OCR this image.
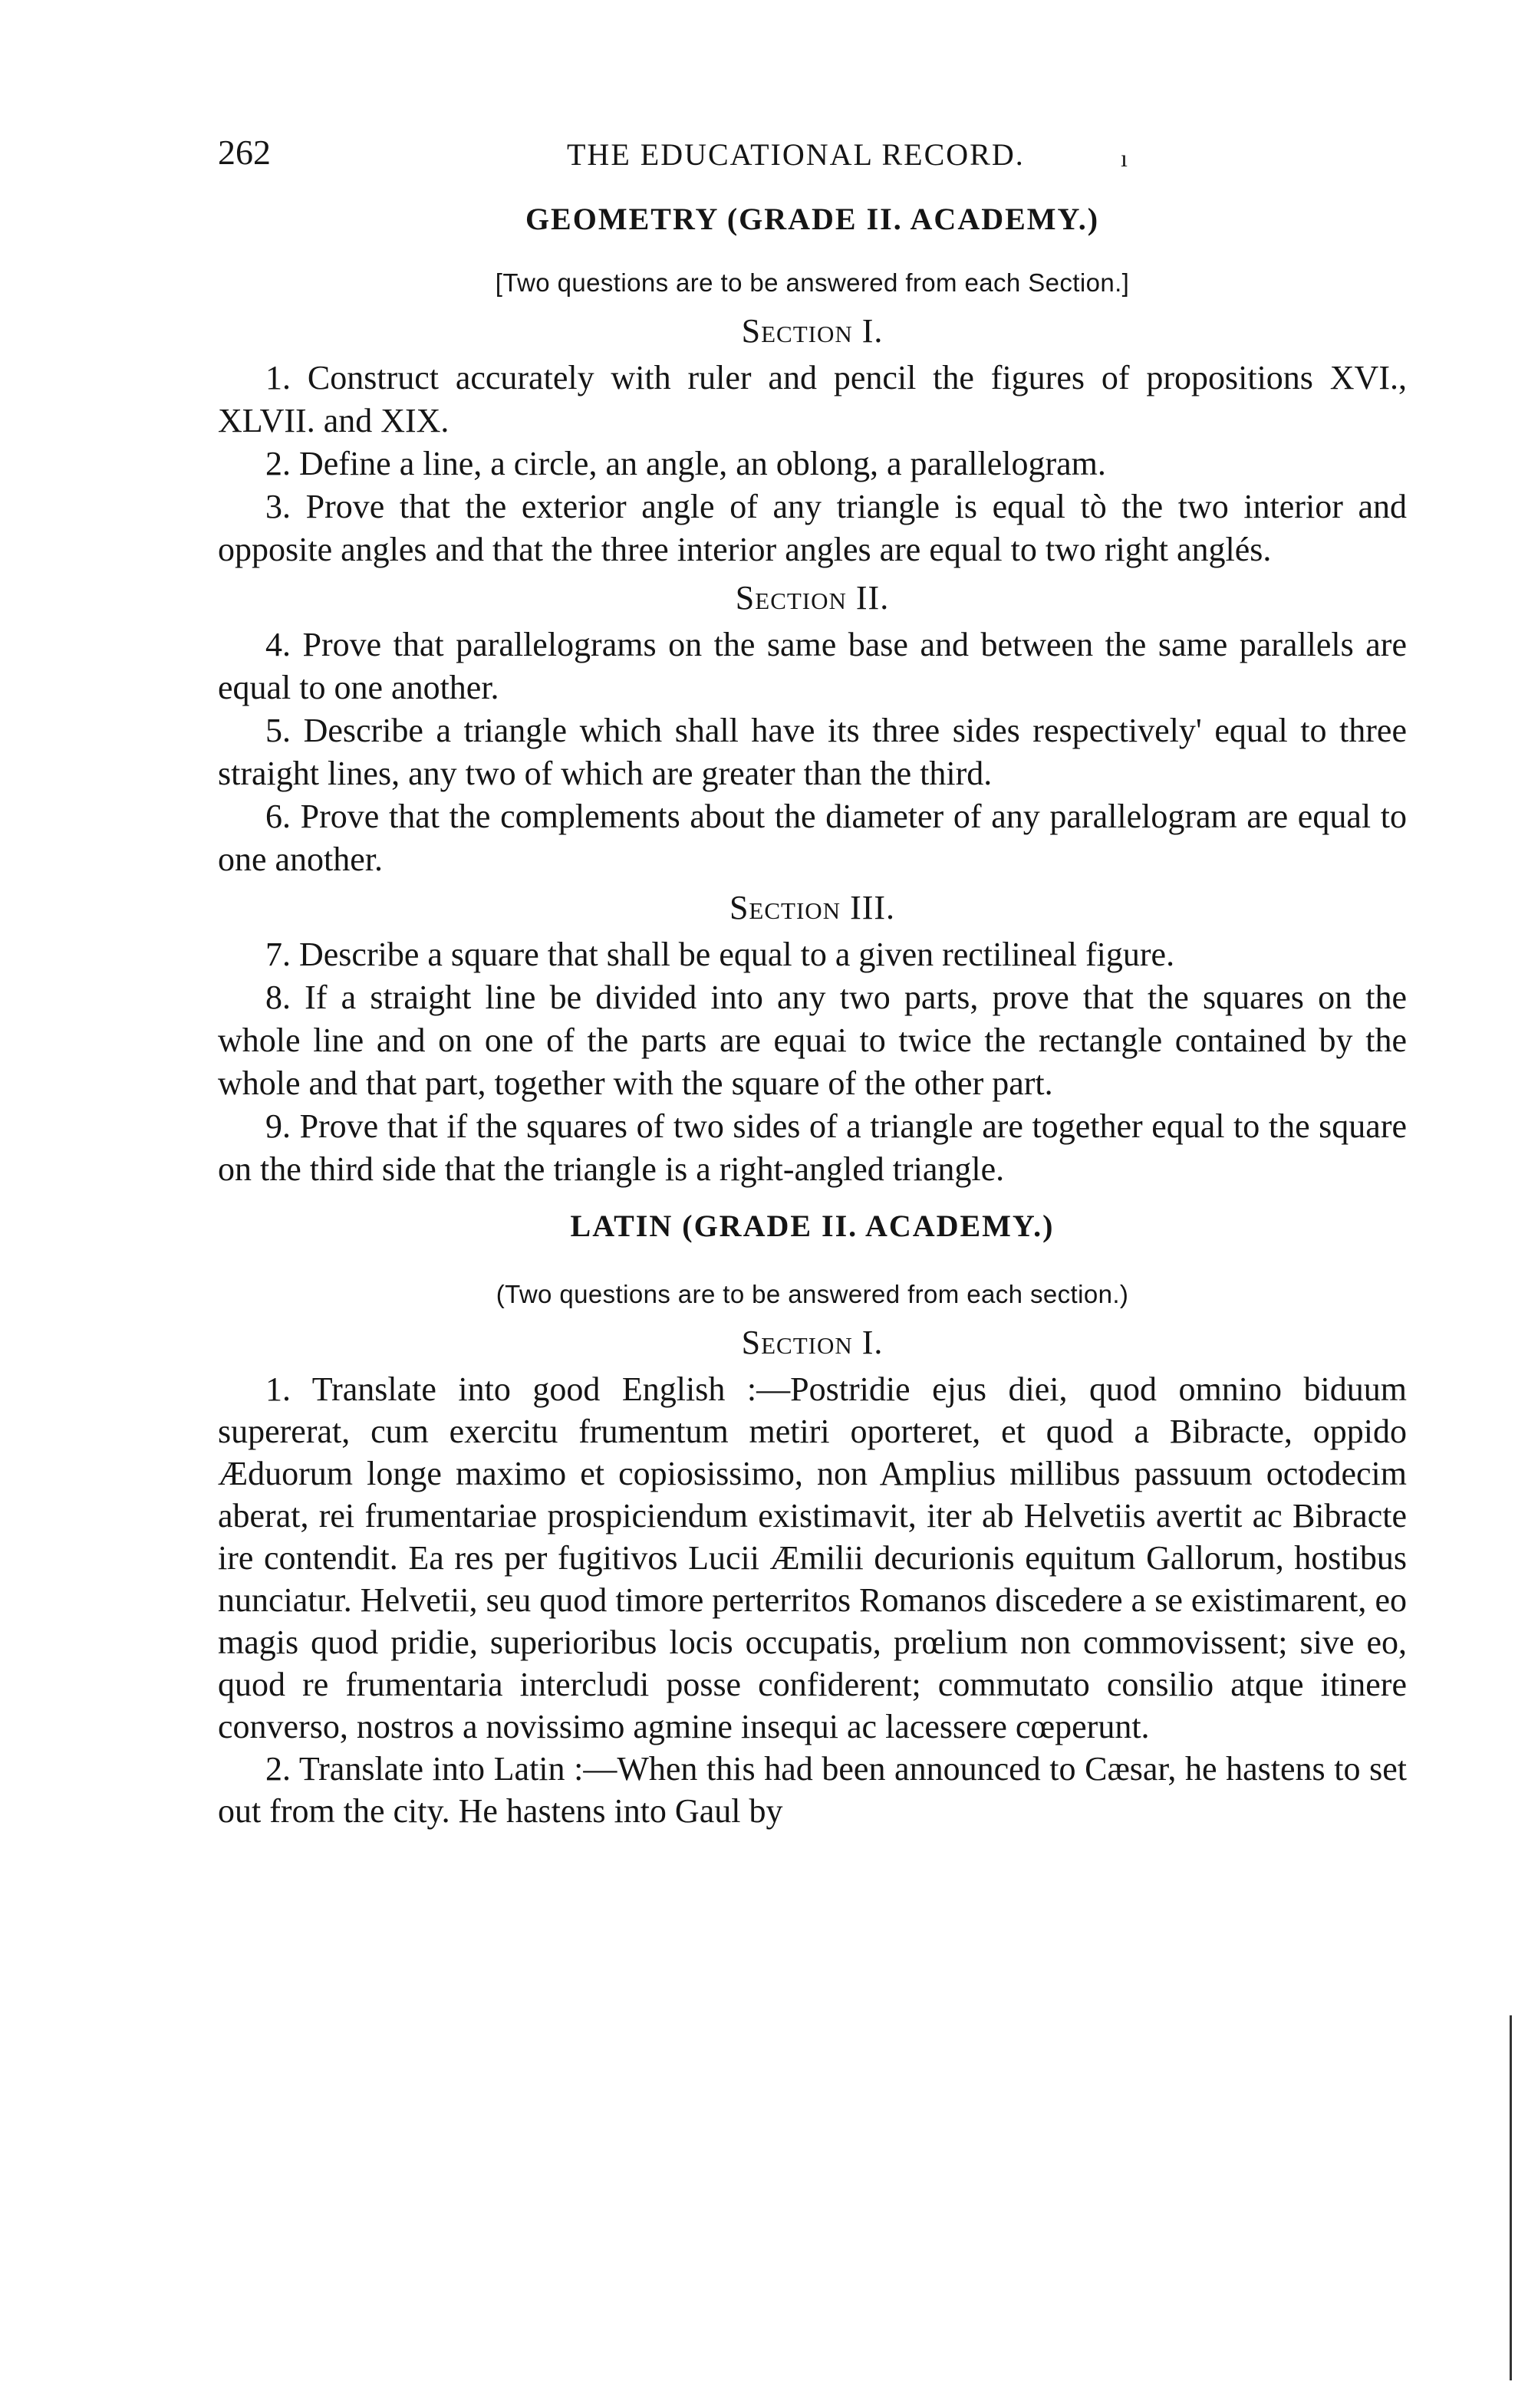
262	THE EDUCATIONAL RECORD.	ı
GEOMETRY (GRADE II. ACADEMY.)
[Two questions are to be answered from each Section.]
Section I.

1. Construct accurately with ruler and pencil the figures of propositions XVI., XLVII. and XIX.

2. Define a line, a circle, an angle, an oblong, a parallelogram.

3. Prove that the exterior angle of any triangle is equal tò the two interior and opposite angles and that the three interior angles are equal to two right anglés.

Section II.

4. Prove that parallelograms on the same base and between the same parallels are equal to one another.

5. Describe a triangle which shall have its three sides respectively' equal to three straight lines, any two of which are greater than the third.

6. Prove that the complements about the diameter of any parallelogram are equal to one another.

Section III.

7. Describe a square that shall be equal to a given rectilineal figure.

8. If a straight line be divided into any two parts, prove that the squares on the whole line and on one of the parts are equai to twice the rectangle contained by the whole and that part, together with the square of the other part.

9. Prove that if the squares of two sides of a triangle are together equal to the square on the third side that the triangle is a right-angled triangle.

LATIN (GRADE II. ACADEMY.)
(Two questions are to be answered from each section.)
Section I.

1. Translate into good English :—Postridie ejus diei, quod omnino biduum supererat, cum exercitu frumentum metiri oporteret, et quod a Bibracte, oppido Æduorum longe maximo et copiosissimo, non Amplius millibus passuum octodecim aberat, rei frumentariae prospiciendum existimavit, iter ab Helvetiis avertit ac Bibracte ire contendit. Ea res per fugitivos Lucii Æmilii decurionis equitum Gallorum, hostibus nunciatur. Helvetii, seu quod timore perterritos Romanos discedere a se existimarent, eo magis quod pridie, superioribus locis occupatis, prœlium non commovissent; sive eo, quod re frumentaria intercludi posse confiderent; commutato consilio atque itinere converso, nostros a novissimo agmine insequi ac lacessere cœperunt.

2. Translate into Latin :—When this had been announced to Cæsar, he hastens to set out from the city. He hastens into Gaul by
